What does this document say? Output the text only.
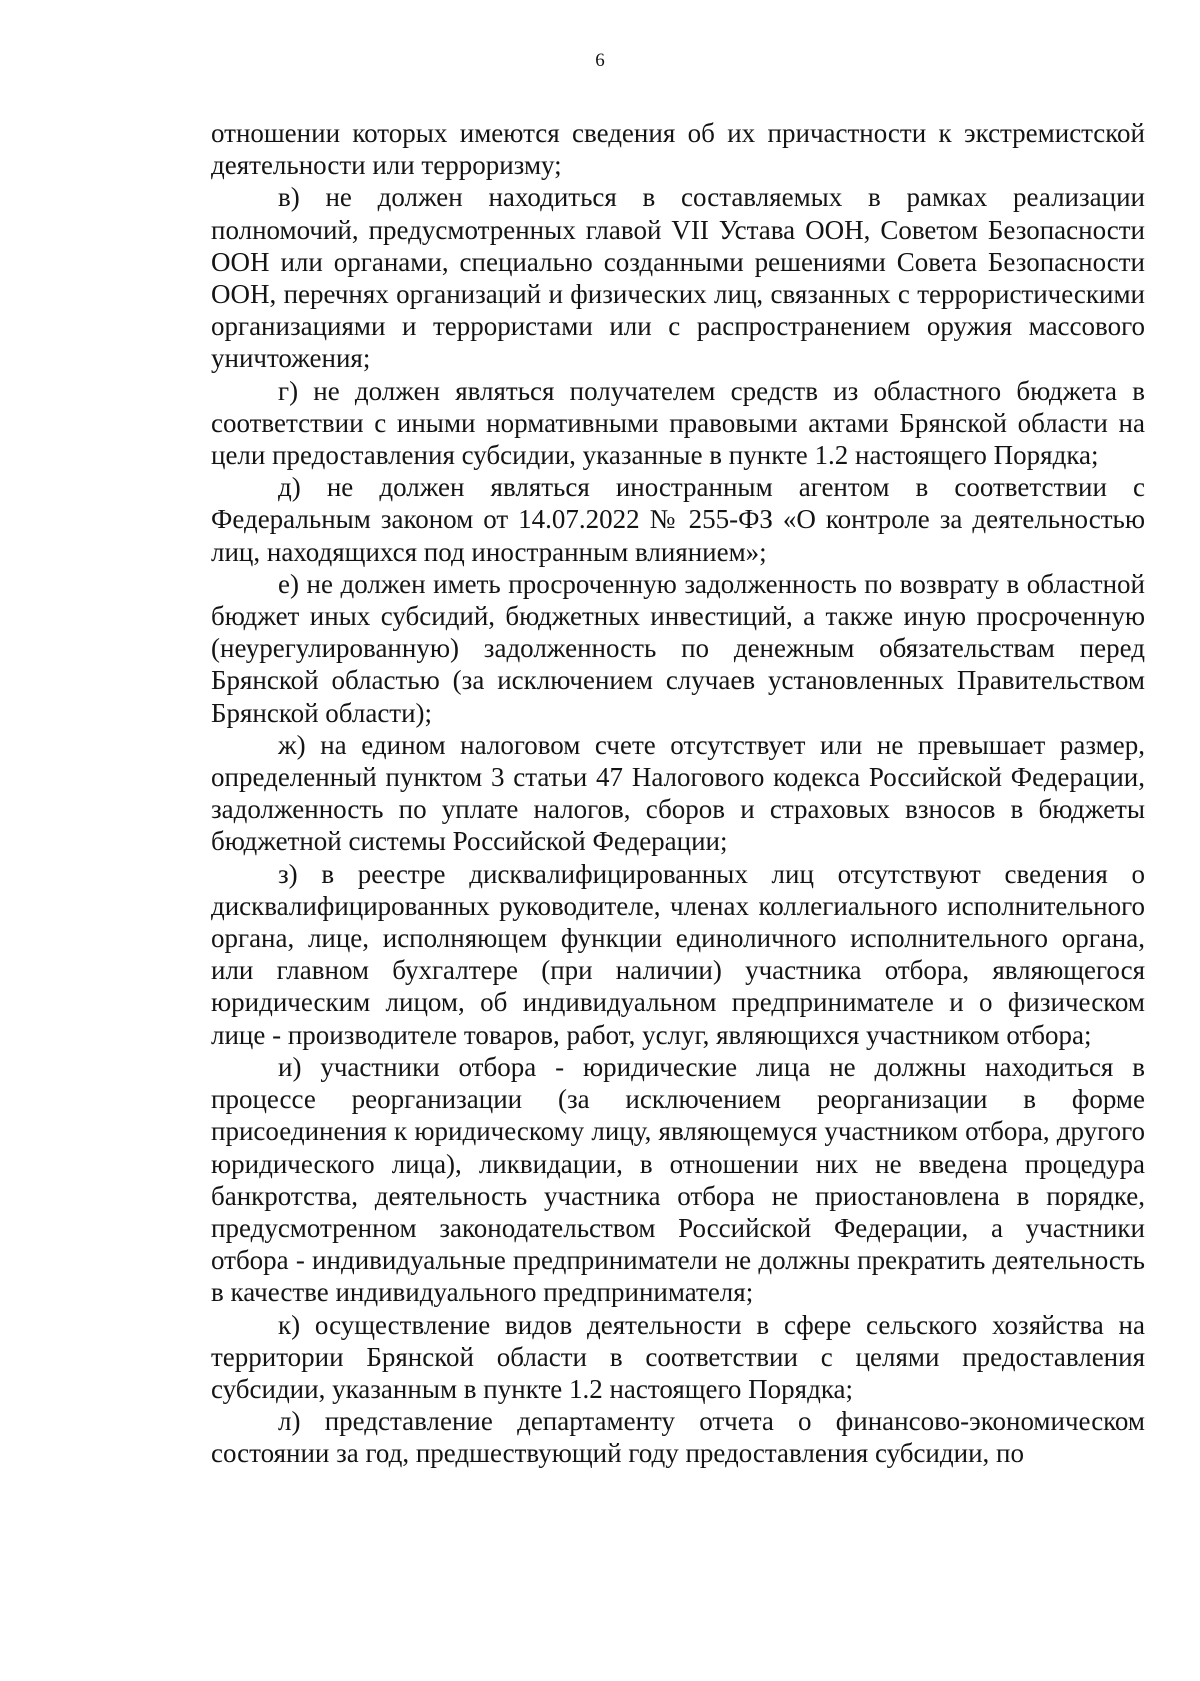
6

отношении которых имеются сведения об их причастности к экстремистской деятельности или терроризму;

в) не должен находиться в составляемых в рамках реализации полномочий, предусмотренных главой VII Устава ООН, Советом Безопасности ООН или органами, специально созданными решениями Совета Безопасности ООН, перечнях организаций и физических лиц, связанных с террористическими организациями и террористами или с распространением оружия массового уничтожения;

г) не должен являться получателем средств из областного бюджета в соответствии с иными нормативными правовыми актами Брянской области на цели предоставления субсидии, указанные в пункте 1.2 настоящего Порядка;

д) не должен являться иностранным агентом в соответствии с Федеральным законом от 14.07.2022 № 255-ФЗ «О контроле за деятельностью лиц, находящихся под иностранным влиянием»;

е) не должен иметь просроченную задолженность по возврату в областной бюджет иных субсидий, бюджетных инвестиций, а также иную просроченную (неурегулированную) задолженность по денежным обязательствам перед Брянской областью (за исключением случаев установленных Правительством Брянской области);

ж) на едином налоговом счете отсутствует или не превышает размер, определенный пунктом 3 статьи 47 Налогового кодекса Российской Федерации, задолженность по уплате налогов, сборов и страховых взносов в бюджеты бюджетной системы Российской Федерации;

з) в реестре дисквалифицированных лиц отсутствуют сведения о дисквалифицированных руководителе, членах коллегиального исполнительного органа, лице, исполняющем функции единоличного исполнительного органа, или главном бухгалтере (при наличии) участника отбора, являющегося юридическим лицом, об индивидуальном предпринимателе и о физическом лице - производителе товаров, работ, услуг, являющихся участником отбора;

и) участники отбора - юридические лица не должны находиться в процессе реорганизации (за исключением реорганизации в форме присоединения к юридическому лицу, являющемуся участником отбора, другого юридического лица), ликвидации, в отношении них не введена процедура банкротства, деятельность участника отбора не приостановлена в порядке, предусмотренном законодательством Российской Федерации, а участники отбора - индивидуальные предприниматели не должны прекратить деятельность в качестве индивидуального предпринимателя;

к) осуществление видов деятельности в сфере сельского хозяйства на территории Брянской области в соответствии с целями предоставления субсидии, указанным в пункте 1.2 настоящего Порядка;

л) представление департаменту отчета о финансово-экономическом состоянии за год, предшествующий году предоставления субсидии, по
